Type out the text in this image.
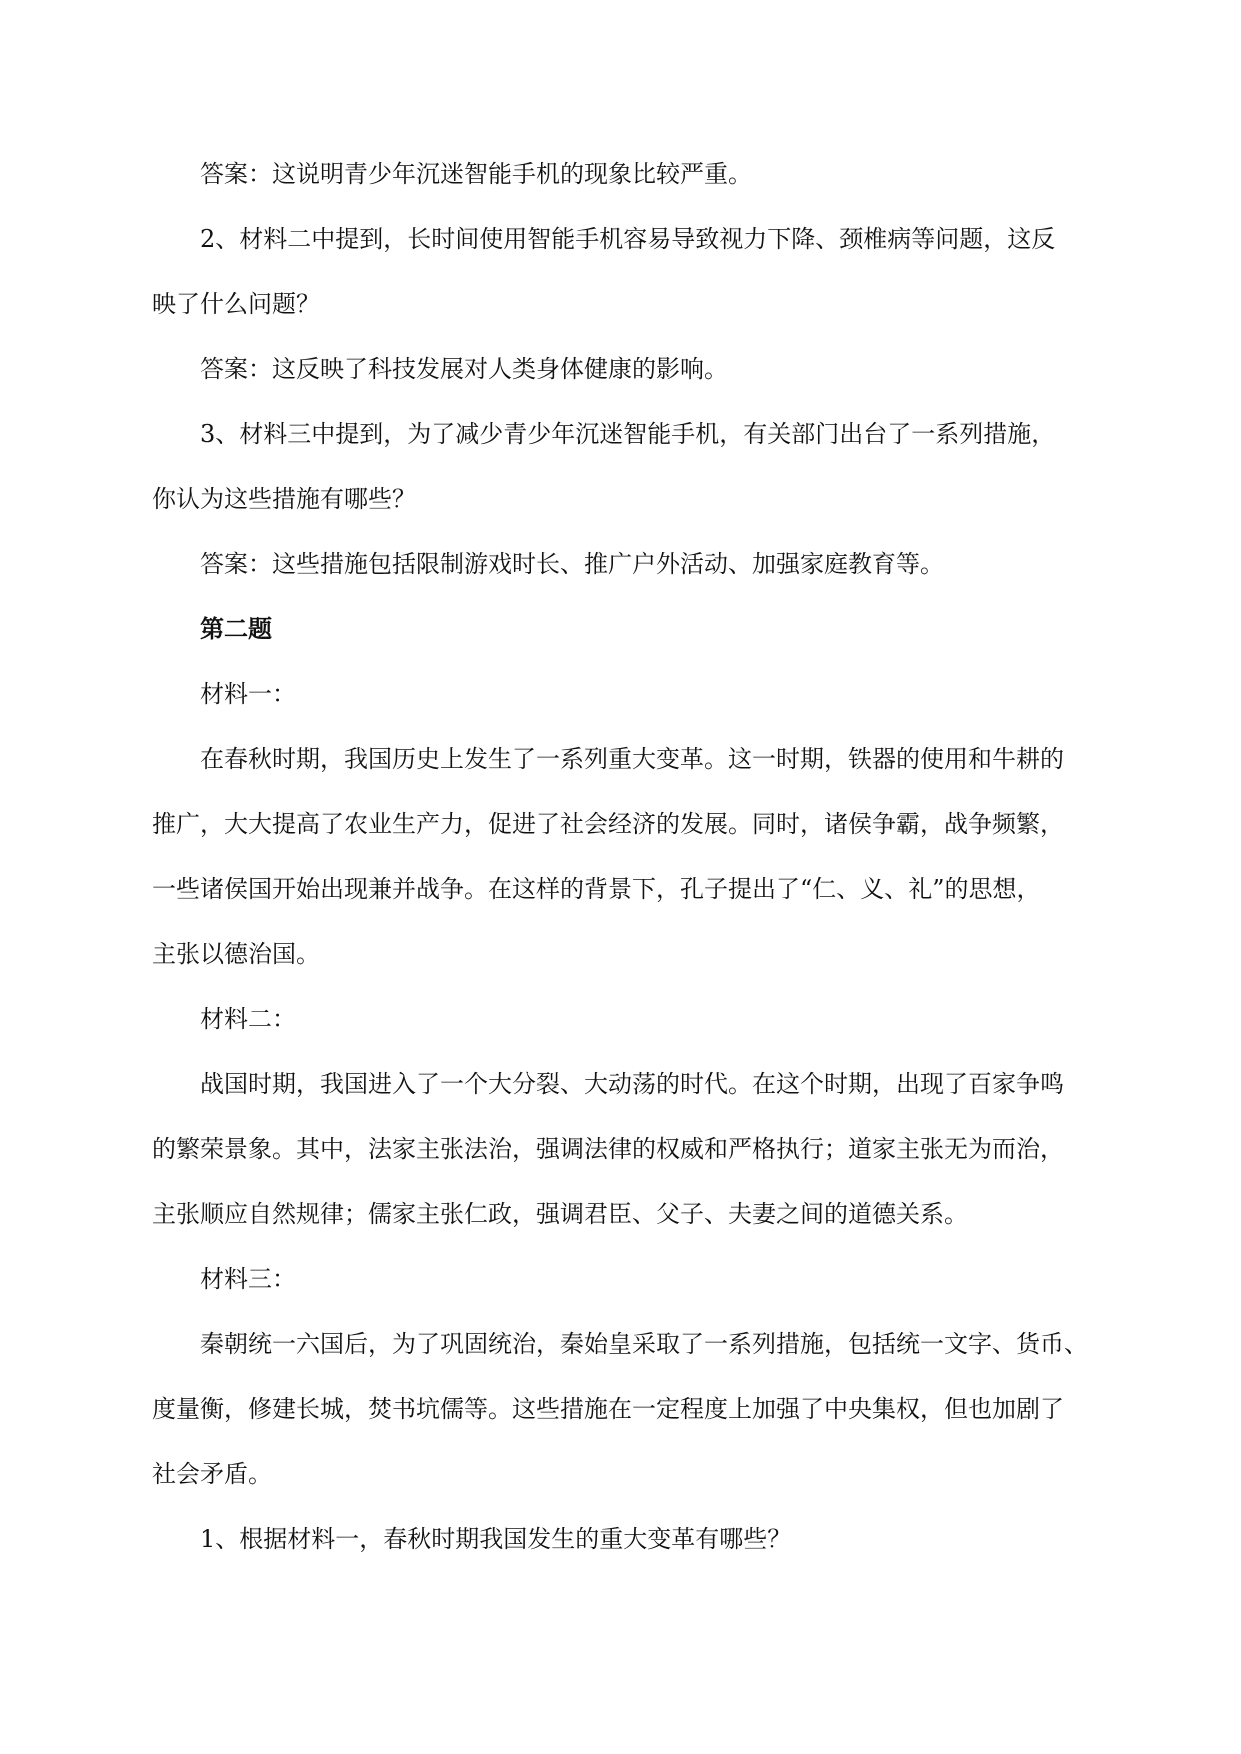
答案：这说明青少年沉迷智能手机的现象比较严重。
2、材料二中提到，长时间使用智能手机容易导致视力下降、颈椎病等问题，这反
映了什么问题？
答案：这反映了科技发展对人类身体健康的影响。
3、材料三中提到，为了减少青少年沉迷智能手机，有关部门出台了一系列措施，
你认为这些措施有哪些？
答案：这些措施包括限制游戏时长、推广户外活动、加强家庭教育等。
第二题
材料一：
在春秋时期，我国历史上发生了一系列重大变革。这一时期，铁器的使用和牛耕的
推广，大大提高了农业生产力，促进了社会经济的发展。同时，诸侯争霸，战争频繁，
一些诸侯国开始出现兼并战争。在这样的背景下，孔子提出了“仁、义、礼”的思想，
主张以德治国。
材料二：
战国时期，我国进入了一个大分裂、大动荡的时代。在这个时期，出现了百家争鸣
的繁荣景象。其中，法家主张法治，强调法律的权威和严格执行；道家主张无为而治，
主张顺应自然规律；儒家主张仁政，强调君臣、父子、夫妻之间的道德关系。
材料三：
秦朝统一六国后，为了巩固统治，秦始皇采取了一系列措施，包括统一文字、货币、
度量衡，修建长城，焚书坑儒等。这些措施在一定程度上加强了中央集权，但也加剧了
社会矛盾。
1、根据材料一，春秋时期我国发生的重大变革有哪些？
